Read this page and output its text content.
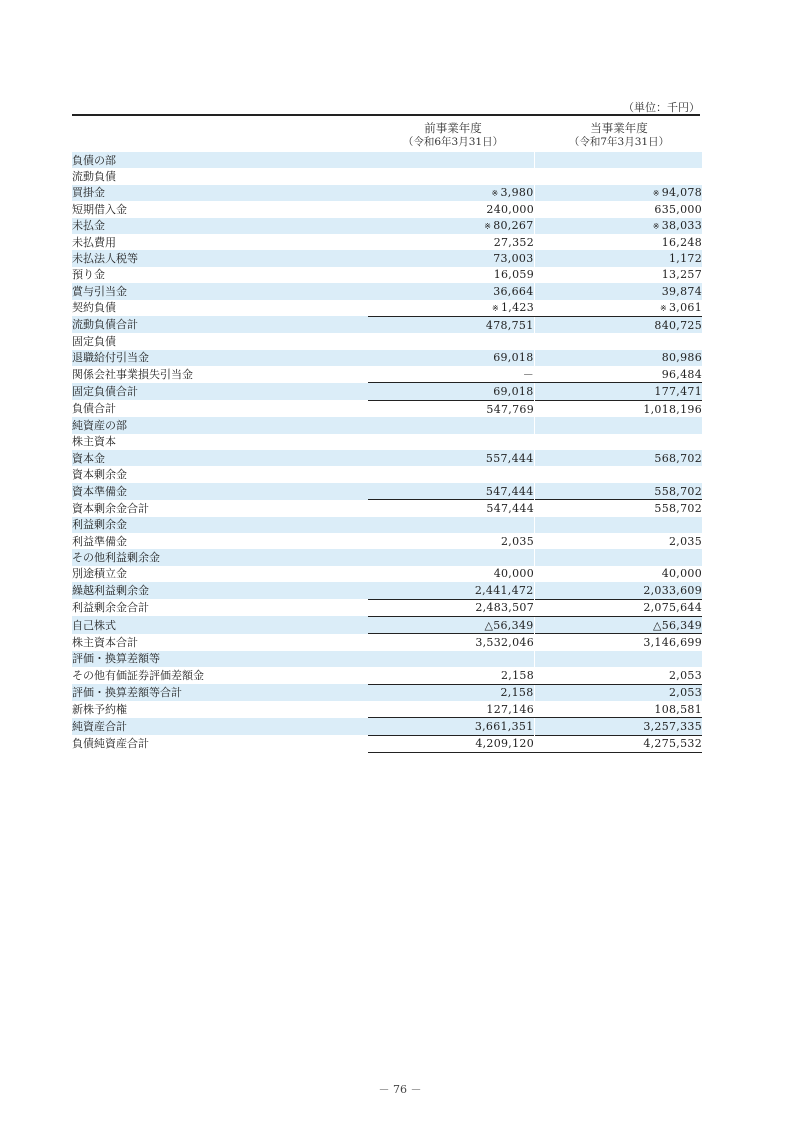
（単位：千円）
前事業年度
（令和6年3月31日）
当事業年度
（令和7年3月31日）
負債の部		
流動負債		
買掛金	※ 3,980	※ 94,078
短期借入金	240,000	635,000
未払金	※ 80,267	※ 38,033
未払費用	27,352	16,248
未払法人税等	73,003	1,172
預り金	16,059	13,257
賞与引当金	36,664	39,874
契約負債	※ 1,423	※ 3,061
流動負債合計	478,751	840,725
固定負債		
退職給付引当金	69,018	80,986
関係会社事業損失引当金	－	96,484
固定負債合計	69,018	177,471
負債合計	547,769	1,018,196
純資産の部		
株主資本		
資本金	557,444	568,702
資本剰余金		
資本準備金	547,444	558,702
資本剰余金合計	547,444	558,702
利益剰余金		
利益準備金	2,035	2,035
その他利益剰余金		
別途積立金	40,000	40,000
繰越利益剰余金	2,441,472	2,033,609
利益剰余金合計	2,483,507	2,075,644
自己株式	△56,349	△56,349
株主資本合計	3,532,046	3,146,699
評価・換算差額等		
その他有価証券評価差額金	2,158	2,053
評価・換算差額等合計	2,158	2,053
新株予約権	127,146	108,581
純資産合計	3,661,351	3,257,335
負債純資産合計	4,209,120	4,275,532
－ 76 －
